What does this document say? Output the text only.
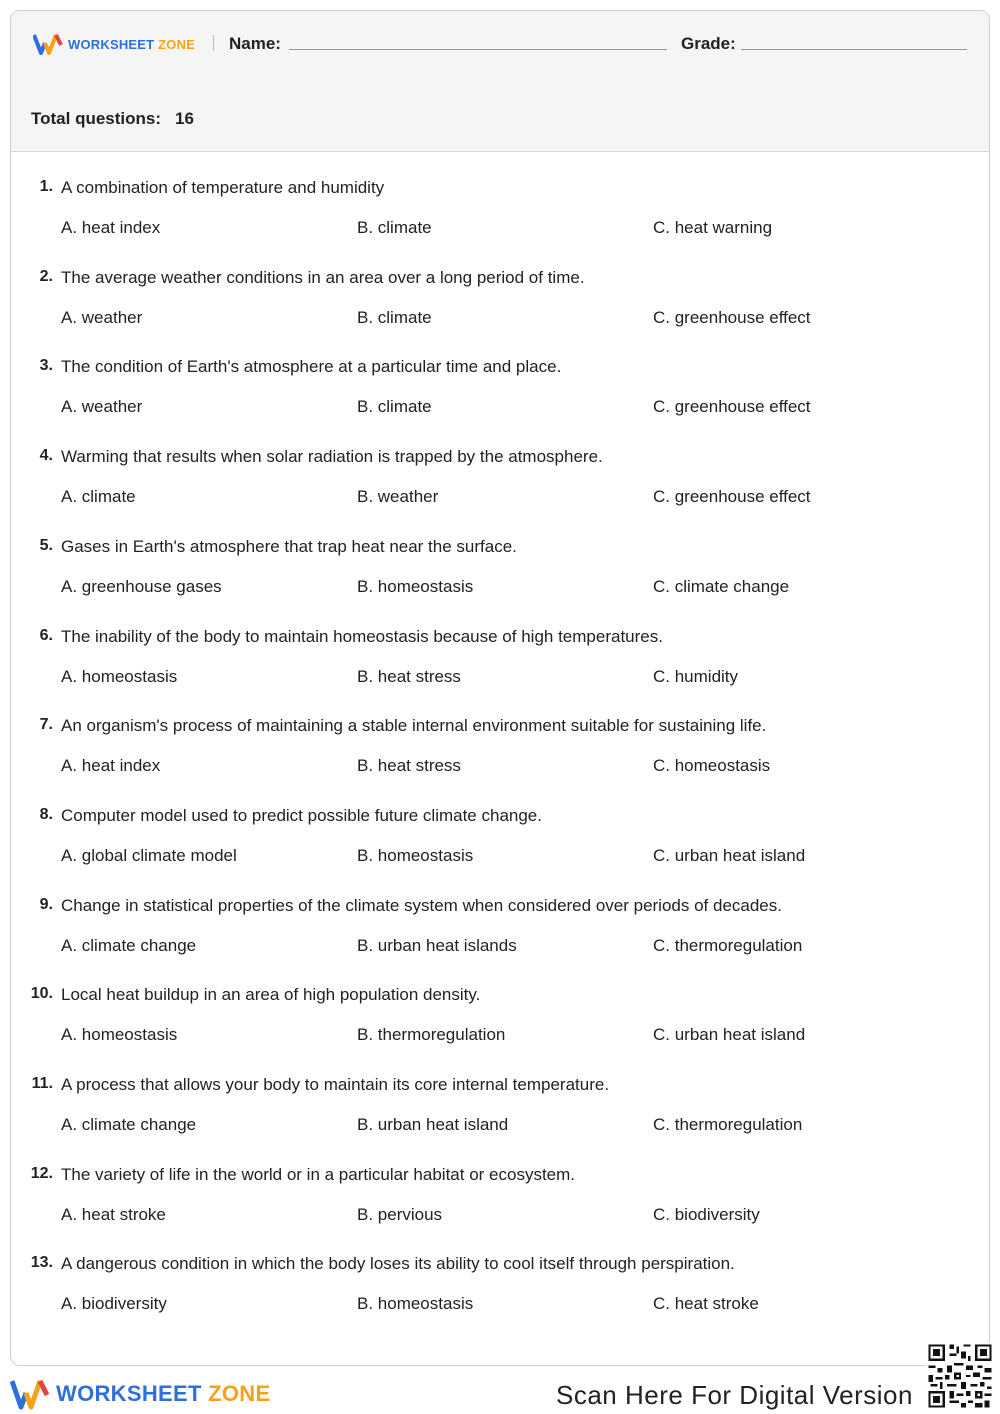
WORKSHEET ZONE Name:	Grade:
Total questions: 16
1. A combination of temperature and humidity
A. heat index	B. climate	C. heat warning
2. The average weather conditions in an area over a long period of time.
A. weather	B. climate	C. greenhouse effect
3. The condition of Earth's atmosphere at a particular time and place.
A. weather	B. climate	C. greenhouse effect
4. Warming that results when solar radiation is trapped by the atmosphere.
A. climate	B. weather	C. greenhouse effect
5. Gases in Earth's atmosphere that trap heat near the surface.
A. greenhouse gases	B. homeostasis	C. climate change
6. The inability of the body to maintain homeostasis because of high temperatures.
A. homeostasis	B. heat stress	C. humidity
7. An organism's process of maintaining a stable internal environment suitable for sustaining life.
A. heat index	B. heat stress	C. homeostasis
8. Computer model used to predict possible future climate change.
A. global climate model	B. homeostasis	C. urban heat island
9. Change in statistical properties of the climate system when considered over periods of decades.
A. climate change	B. urban heat islands	C. thermoregulation
10. Local heat buildup in an area of high population density.
A. homeostasis	B. thermoregulation	C. urban heat island
11. A process that allows your body to maintain its core internal temperature.
A. climate change	B. urban heat island	C. thermoregulation
12. The variety of life in the world or in a particular habitat or ecosystem.
A. heat stroke	B. pervious	C. biodiversity
13. A dangerous condition in which the body loses its ability to cool itself through perspiration.
A. biodiversity	B. homeostasis	C. heat stroke
WORKSHEET ZONE	Scan Here For Digital Version
